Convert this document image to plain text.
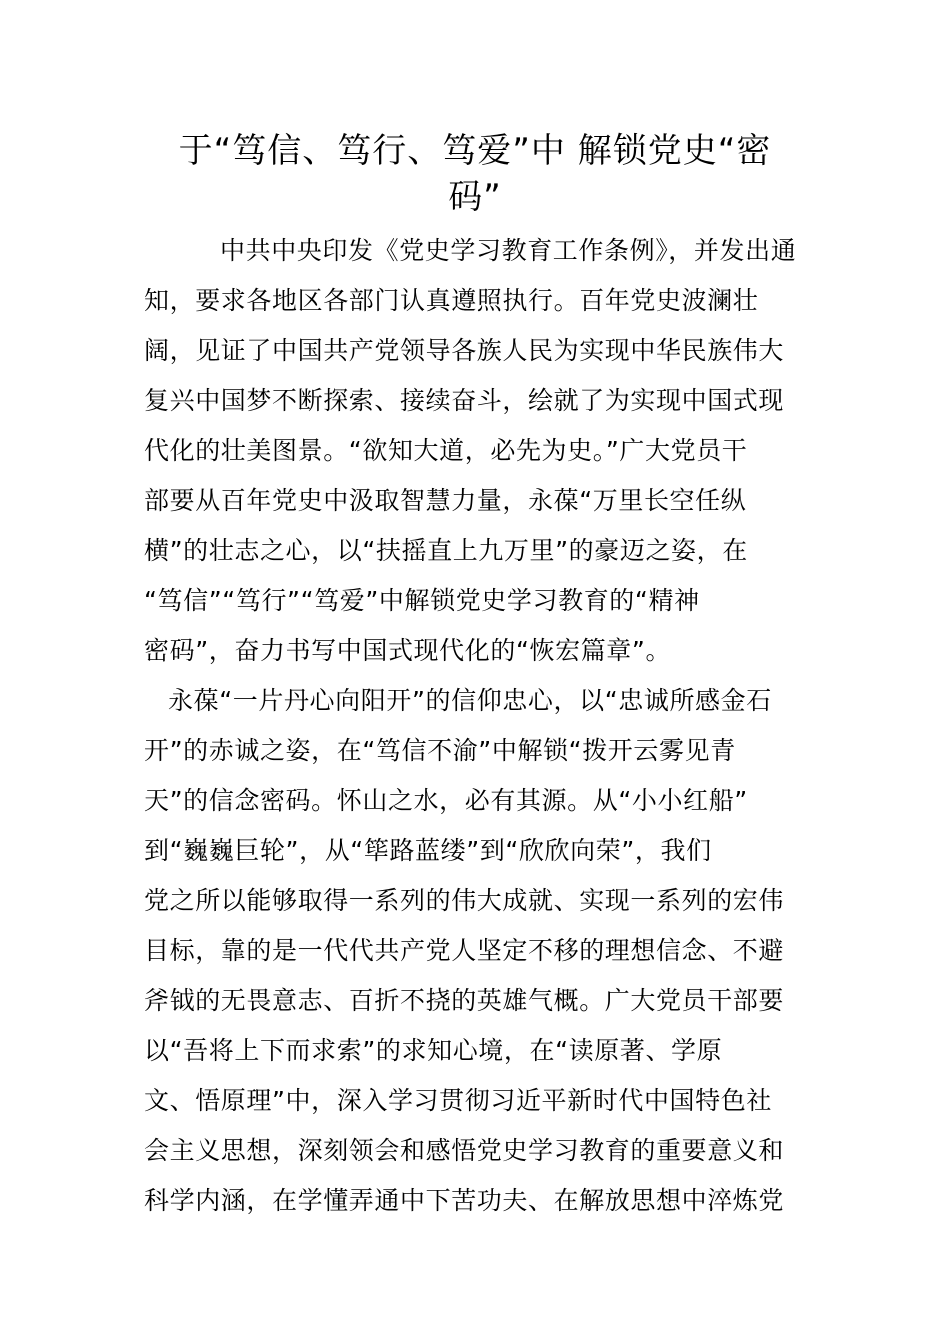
于“笃信、笃行、笃爱”中 解锁党史“密
码”
中共中央印发《党史学习教育工作条例》，并发出通
知，要求各地区各部门认真遵照执行。百年党史波澜壮
阔，见证了中国共产党领导各族人民为实现中华民族伟大
复兴中国梦不断探索、接续奋斗，绘就了为实现中国式现
代化的壮美图景。“欲知大道，必先为史。”广大党员干
部要从百年党史中汲取智慧力量，永葆“万里长空任纵
横”的壮志之心，以“扶摇直上九万里”的豪迈之姿，在
“笃信”“笃行”“笃爱”中解锁党史学习教育的“精神
密码”，奋力书写中国式现代化的“恢宏篇章”。
永葆“一片丹心向阳开”的信仰忠心，以“忠诚所感金石
开”的赤诚之姿，在“笃信不渝”中解锁“拨开云雾见青
天”的信念密码。怀山之水，必有其源。从“小小红船”
到“巍巍巨轮”，从“筚路蓝缕”到“欣欣向荣”，我们
党之所以能够取得一系列的伟大成就、实现一系列的宏伟
目标，靠的是一代代共产党人坚定不移的理想信念、不避
斧钺的无畏意志、百折不挠的英雄气概。广大党员干部要
以“吾将上下而求索”的求知心境，在“读原著、学原
文、悟原理”中，深入学习贯彻习近平新时代中国特色社
会主义思想，深刻领会和感悟党史学习教育的重要意义和
科学内涵，在学懂弄通中下苦功夫、在解放思想中淬炼党
